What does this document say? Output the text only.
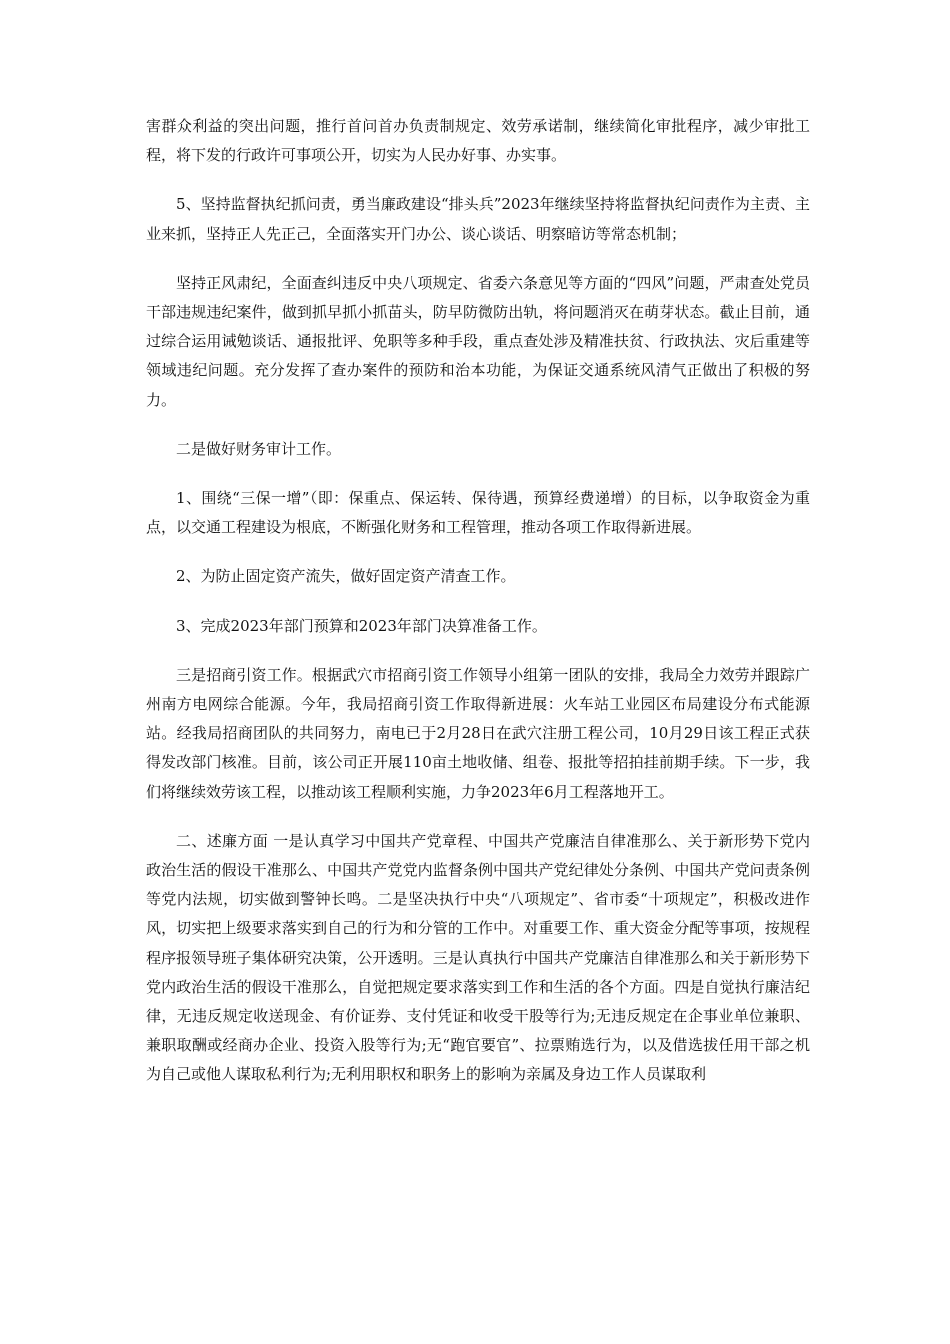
害群众利益的突出问题，推行首问首办负责制规定、效劳承诺制，继续简化审批程序，减少审批工程，将下发的行政许可事项公开，切实为人民办好事、办实事。

5、坚持监督执纪抓问责，勇当廉政建设“排头兵”2023年继续坚持将监督执纪问责作为主责、主业来抓，坚持正人先正己，全面落实开门办公、谈心谈话、明察暗访等常态机制；

坚持正风肃纪，全面查纠违反中央八项规定、省委六条意见等方面的“四风”问题，严肃查处党员干部违规违纪案件，做到抓早抓小抓苗头，防早防微防出轨，将问题消灭在萌芽状态。截止目前，通过综合运用诫勉谈话、通报批评、免职等多种手段，重点查处涉及精准扶贫、行政执法、灾后重建等领域违纪问题。充分发挥了查办案件的预防和治本功能，为保证交通系统风清气正做出了积极的努力。

二是做好财务审计工作。

1、围绕“三保一增”（即：保重点、保运转、保待遇，预算经费递增）的目标，以争取资金为重点，以交通工程建设为根底，不断强化财务和工程管理，推动各项工作取得新进展。

2、为防止固定资产流失，做好固定资产清查工作。

3、完成2023年部门预算和2023年部门决算准备工作。

三是招商引资工作。根据武穴市招商引资工作领导小组第一团队的安排，我局全力效劳并跟踪广州南方电网综合能源。今年，我局招商引资工作取得新进展：火车站工业园区布局建设分布式能源站。经我局招商团队的共同努力，南电已于2月28日在武穴注册工程公司，10月29日该工程正式获得发改部门核准。目前，该公司正开展110亩土地收储、组卷、报批等招拍挂前期手续。下一步，我们将继续效劳该工程，以推动该工程顺利实施，力争2023年6月工程落地开工。

二、述廉方面 一是认真学习中国共产党章程、中国共产党廉洁自律准那么、关于新形势下党内政治生活的假设干准那么、中国共产党党内监督条例中国共产党纪律处分条例、中国共产党问责条例等党内法规，切实做到警钟长鸣。二是坚决执行中央“八项规定”、省市委“十项规定”，积极改进作风，切实把上级要求落实到自己的行为和分管的工作中。对重要工作、重大资金分配等事项，按规程程序报领导班子集体研究决策，公开透明。三是认真执行中国共产党廉洁自律准那么和关于新形势下党内政治生活的假设干准那么，自觉把规定要求落实到工作和生活的各个方面。四是自觉执行廉洁纪律，无违反规定收送现金、有价证券、支付凭证和收受干股等行为;无违反规定在企事业单位兼职、兼职取酬或经商办企业、投资入股等行为;无“跑官要官”、拉票贿选行为，以及借选拔任用干部之机为自己或他人谋取私利行为;无利用职权和职务上的影响为亲属及身边工作人员谋取利
